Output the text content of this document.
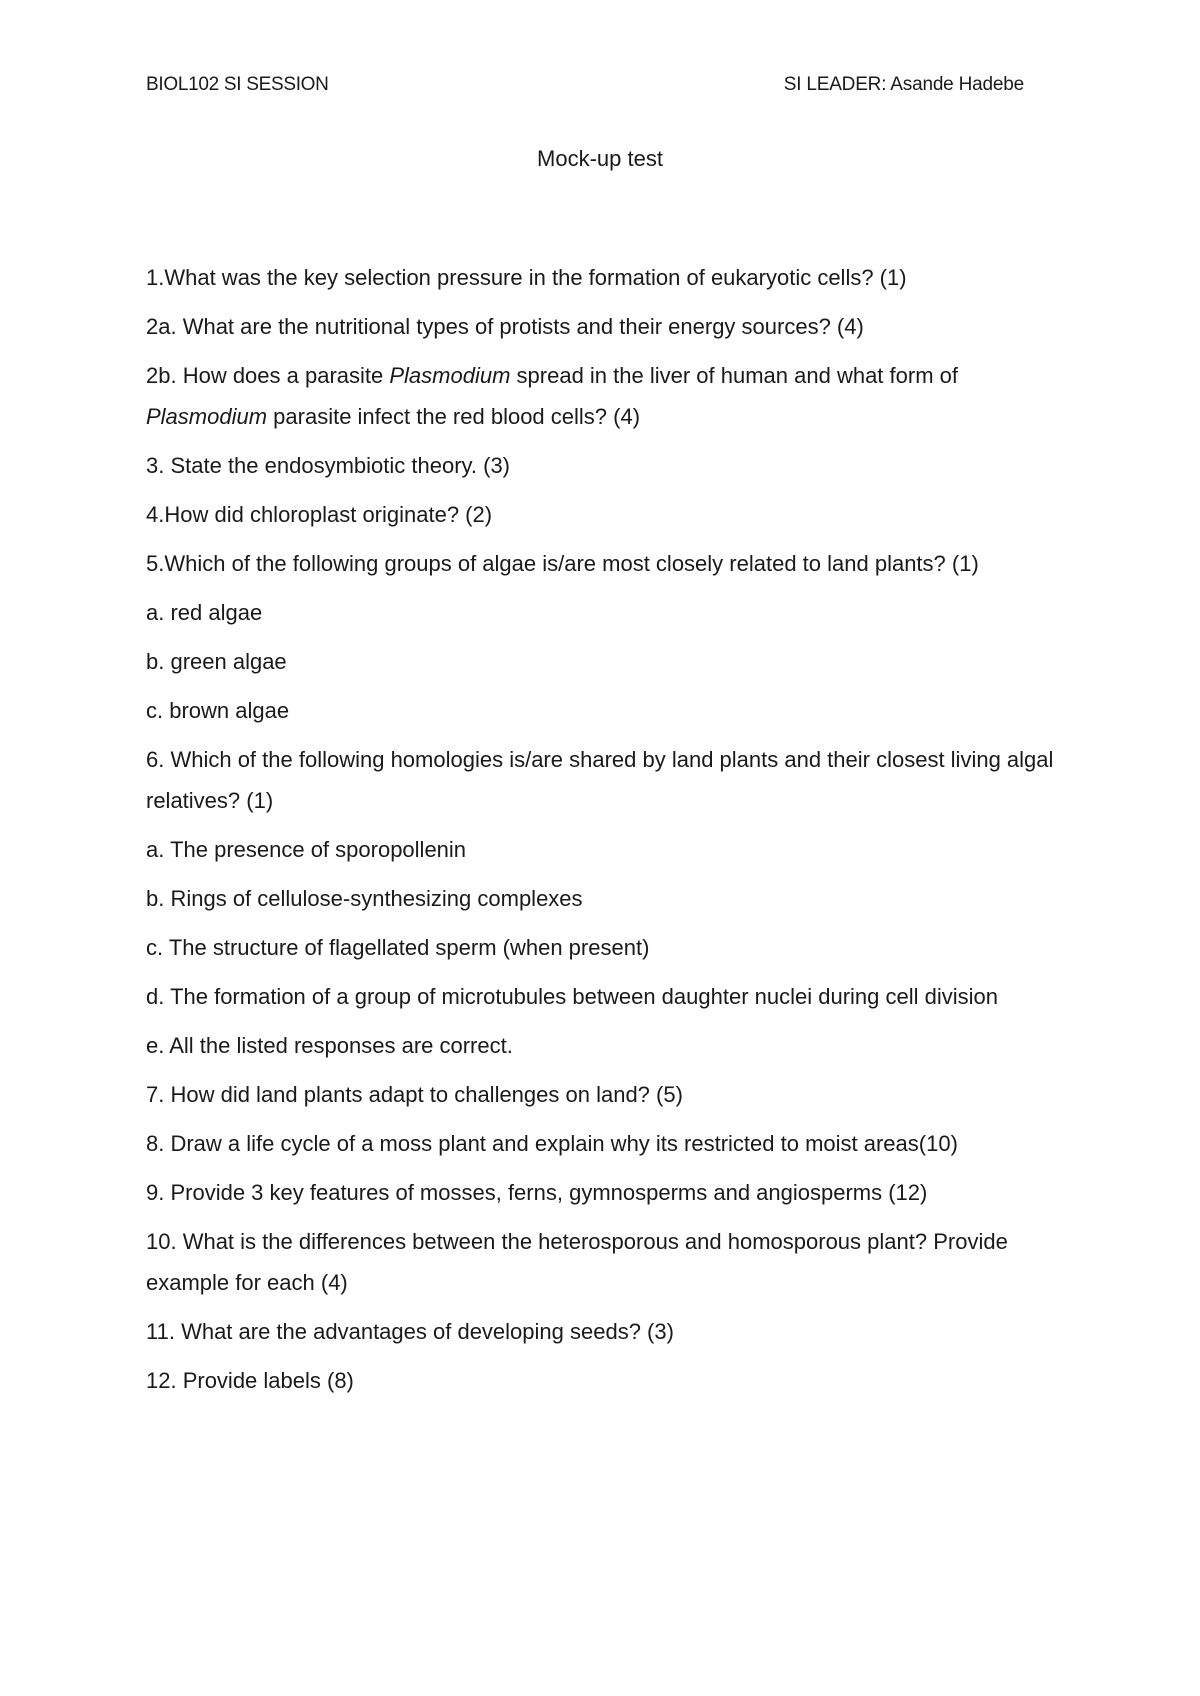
BIOL102 SI SESSION	SI LEADER: Asande Hadebe
Mock-up test

1.What was the key selection pressure in the formation of eukaryotic cells? (1)

2a. What are the nutritional types of protists and their energy sources? (4)

2b. How does a parasite Plasmodium spread in the liver of human and what form of Plasmodium parasite infect the red blood cells? (4)

3. State the endosymbiotic theory. (3)

4.How did chloroplast originate? (2)

5.Which of the following groups of algae is/are most closely related to land plants? (1)

a. red algae

b. green algae

c. brown algae

6. Which of the following homologies is/are shared by land plants and their closest living algal relatives? (1)

a. The presence of sporopollenin

b. Rings of cellulose-synthesizing complexes

c. The structure of flagellated sperm (when present)

d. The formation of a group of microtubules between daughter nuclei during cell division

e. All the listed responses are correct.

7. How did land plants adapt to challenges on land? (5)

8. Draw a life cycle of a moss plant and explain why its restricted to moist areas(10)

9. Provide 3 key features of mosses, ferns, gymnosperms and angiosperms (12)

10. What is the differences between the heterosporous and homosporous plant? Provide example for each (4)

11. What are the advantages of developing seeds? (3)

12. Provide labels (8)
